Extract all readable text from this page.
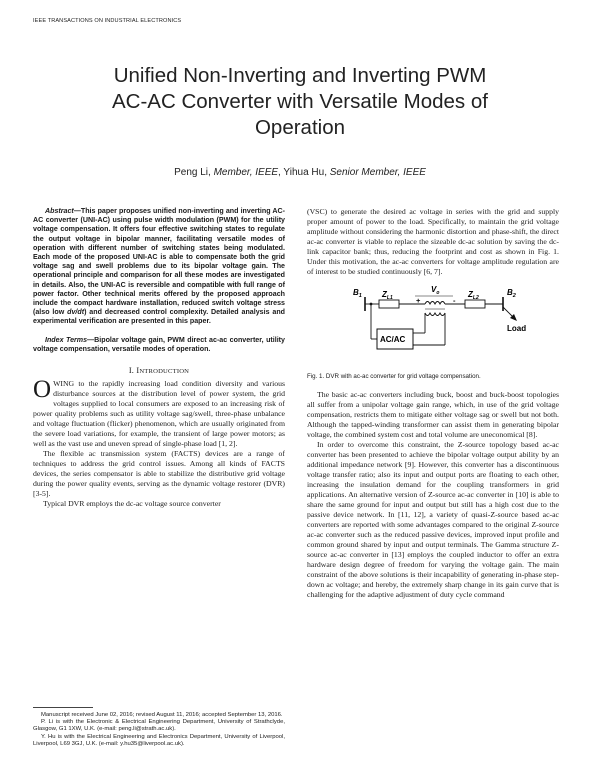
IEEE TRANSACTIONS ON INDUSTRIAL ELECTRONICS
Unified Non-Inverting and Inverting PWM
AC-AC Converter with Versatile Modes of
Operation
Peng Li, Member, IEEE, Yihua Hu, Senior Member, IEEE

Abstract—This paper proposes unified non-inverting and inverting AC-AC converter (UNI-AC) using pulse width modulation (PWM) for the utility voltage compensation. It offers four effective switching states to regulate the output voltage in bipolar manner, facilitating versatile modes of operation with different number of switching states being modulated. Each mode of the proposed UNI-AC is able to compensate both the grid voltage sag and swell problems due to its bipolar voltage gain. The operational principle and comparison for all these modes are investigated in details. Also, the UNI-AC is reversible and compatible with full range of power factor. Other technical merits offered by the proposed approach include the compact hardware installation, reduced switch voltage stress (also low dv/dt) and decreased control complexity. Detailed analysis and experimental verification are presented in this paper.

Index Terms—Bipolar voltage gain, PWM direct ac-ac converter, utility voltage compensation, versatile modes of operation.

I. INTRODUCTION

OWING to the rapidly increasing load condition diversity and various disturbance sources at the distribution level of power system, the grid voltages supplied to local consumers are exposed to an increasing risk of power quality problems such as utility voltage sag/swell, three-phase unbalance and voltage fluctuation (flicker) phenomenon, which are usually originated from the severe load variations, for example, the transient of large power motors; as well as the vast use and uneven spread of single-phase load [1, 2].

The flexible ac transmission system (FACTS) devices are a range of techniques to address the grid control issues. Among all kinds of FACTS devices, the series compensator is able to stabilize the distributive grid voltage during the power quality events, serving as the dynamic voltage restorer (DVR) [3-5].

Typical DVR employs the dc-ac voltage source converter

Manuscript received June 02, 2016; revised August 11, 2016; accepted September 13, 2016.

P. Li is with the Electronic & Electrical Engineering Department, University of Strathclyde, Glasgow, G1 1XW, U.K. (e-mail: peng.li@strath.ac.uk).

Y. Hu is with the Electrical Engineering and Electronics Department, University of Liverpool, Liverpool, L69 3GJ, U.K. (e-mail: y.hu35@liverpool.ac.uk).

(VSC) to generate the desired ac voltage in series with the grid and supply proper amount of power to the load. Specifically, to maintain the grid voltage amplitude without considering the harmonic distortion and phase-shift, the direct ac-ac converter is viable to replace the sizeable dc-ac solution by saving the dc-link capacitor bank; thus, reducing the footprint and cost as shown in Fig. 1. Under this motivation, the ac-ac converters for voltage amplitude regulation are of interest to be studied continuously [6, 7].

$B_1$	$B_2$
$Z_{L1}$	$Z_{L2}$
$V_o$
+	-
AC/AC
Load
Fig. 1. DVR with ac-ac converter for grid voltage compensation.

The basic ac-ac converters including buck, boost and buck-boost topologies all suffer from a unipolar voltage gain range, which, in use of the grid voltage compensation, restricts them to mitigate either voltage sag or swell but not both. Although the tapped-winding transformer can assist them in generating bipolar voltage, the combined system cost and total volume are uneconomical [8].

In order to overcome this constraint, the Z-source topology based ac-ac converter has been presented to achieve the bipolar voltage output ability by an additional impedance network [9]. However, this converter has a discontinuous voltage transfer ratio; also its input and output ports are floating to each other, increasing the insulation demand for the coupling transformers in grid applications. An alternative version of Z-source ac-ac converter in [10] is able to share the same ground for input and output but still has a high cost due to the passive device network. In [11, 12], a variety of quasi-Z-source based ac-ac converters are reported with some advantages compared to the original Z-source ac-ac converter such as the reduced passive devices, improved input profile and common ground shared by input and output terminals. The Gamma structure Z-source ac-ac converter in [13] employs the coupled inductor to offer an extra hardware design degree of freedom for varying the voltage gain. The main constraint of the above solutions is their incapability of generating in-phase step-down ac voltage; and hereby, the extremely sharp change in its gain curve that is challenging for the adaptive adjustment of duty cycle command
